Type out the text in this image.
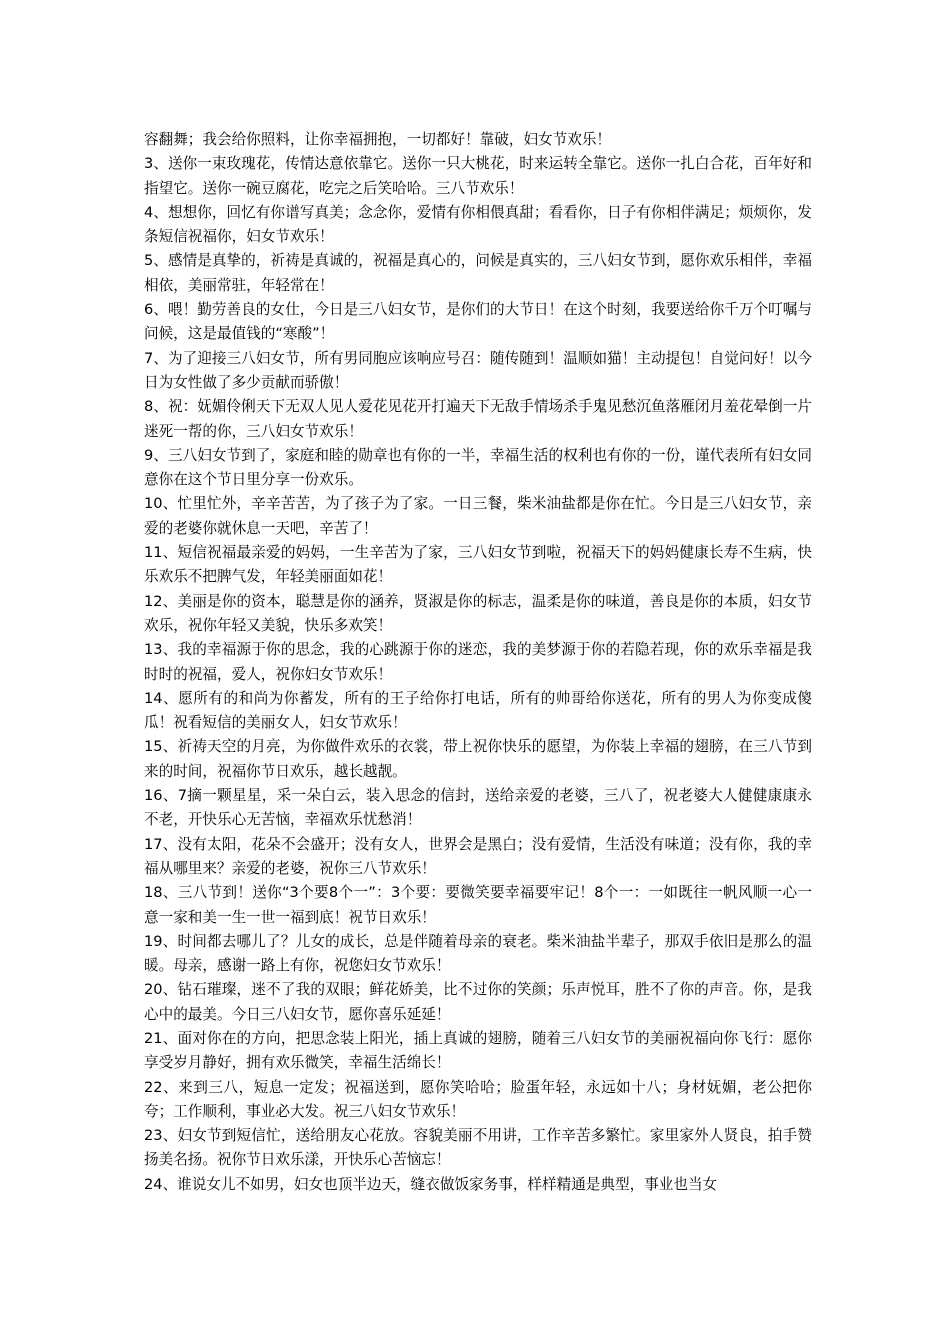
容翻舞；我会给你照料，让你幸福拥抱，一切都好！靠破，妇女节欢乐！

3、送你一束玫瑰花，传情达意依靠它。送你一只大桃花，时来运转全靠它。送你一扎白合花，百年好和指望它。送你一碗豆腐花，吃完之后笑哈哈。三八节欢乐！

4、想想你，回忆有你谱写真美；念念你，爱情有你相偎真甜；看看你，日子有你相伴满足；烦烦你，发条短信祝福你，妇女节欢乐！

5、感情是真挚的，祈祷是真诚的，祝福是真心的，问候是真实的，三八妇女节到，愿你欢乐相伴，幸福相依，美丽常驻，年轻常在！

6、喂！勤劳善良的女仕，今日是三八妇女节，是你们的大节日！在这个时刻，我要送给你千万个叮嘱与问候，这是最值钱的“寒酸”！

7、为了迎接三八妇女节，所有男同胞应该响应号召：随传随到！温顺如猫！主动提包！自觉问好！以今日为女性做了多少贡献而骄傲！

8、祝：妩媚伶俐天下无双人见人爱花见花开打遍天下无敌手情场杀手鬼见愁沉鱼落雁闭月羞花晕倒一片迷死一帮的你，三八妇女节欢乐！

9、三八妇女节到了，家庭和睦的勋章也有你的一半，幸福生活的权利也有你的一份，谨代表所有妇女同意你在这个节日里分享一份欢乐。

10、忙里忙外，辛辛苦苦，为了孩子为了家。一日三餐，柴米油盐都是你在忙。今日是三八妇女节，亲爱的老婆你就休息一天吧，辛苦了！

11、短信祝福最亲爱的妈妈，一生辛苦为了家，三八妇女节到啦，祝福天下的妈妈健康长寿不生病，快乐欢乐不把脾气发，年轻美丽面如花！

12、美丽是你的资本，聪慧是你的涵养，贤淑是你的标志，温柔是你的味道，善良是你的本质，妇女节欢乐，祝你年轻又美貌，快乐多欢笑！

13、我的幸福源于你的思念，我的心跳源于你的迷恋，我的美梦源于你的若隐若现，你的欢乐幸福是我时时的祝福，爱人，祝你妇女节欢乐！

14、愿所有的和尚为你蓄发，所有的王子给你打电话，所有的帅哥给你送花，所有的男人为你变成傻瓜！祝看短信的美丽女人，妇女节欢乐！

15、祈祷天空的月亮，为你做件欢乐的衣裳，带上祝你快乐的愿望，为你装上幸福的翅膀，在三八节到来的时间，祝福你节日欢乐，越长越靓。

16、7摘一颗星星，采一朵白云，装入思念的信封，送给亲爱的老婆，三八了，祝老婆大人健健康康永不老，开快乐心无苦恼，幸福欢乐忧愁消！

17、没有太阳，花朵不会盛开；没有女人，世界会是黑白；没有爱情，生活没有味道；没有你，我的幸福从哪里来？亲爱的老婆，祝你三八节欢乐！

18、三八节到！送你“3个要8个一”：3个要：要微笑要幸福要牢记！8个一：一如既往一帆风顺一心一意一家和美一生一世一福到底！祝节日欢乐！

19、时间都去哪儿了？儿女的成长，总是伴随着母亲的衰老。柴米油盐半辈子，那双手依旧是那么的温暖。母亲，感谢一路上有你，祝您妇女节欢乐！

20、钻石璀璨，迷不了我的双眼；鲜花娇美，比不过你的笑颜；乐声悦耳，胜不了你的声音。你，是我心中的最美。今日三八妇女节，愿你喜乐延延！

21、面对你在的方向，把思念装上阳光，插上真诚的翅膀，随着三八妇女节的美丽祝福向你飞行：愿你享受岁月静好，拥有欢乐微笑，幸福生活绵长！

22、来到三八，短息一定发；祝福送到，愿你笑哈哈；脸蛋年轻，永远如十八；身材妩媚，老公把你夸；工作顺利，事业必大发。祝三八妇女节欢乐！

23、妇女节到短信忙，送给朋友心花放。容貌美丽不用讲，工作辛苦多繁忙。家里家外人贤良，拍手赞扬美名扬。祝你节日欢乐漾，开快乐心苦恼忘！

24、谁说女儿不如男，妇女也顶半边天，缝衣做饭家务事，样样精通是典型，事业也当女
